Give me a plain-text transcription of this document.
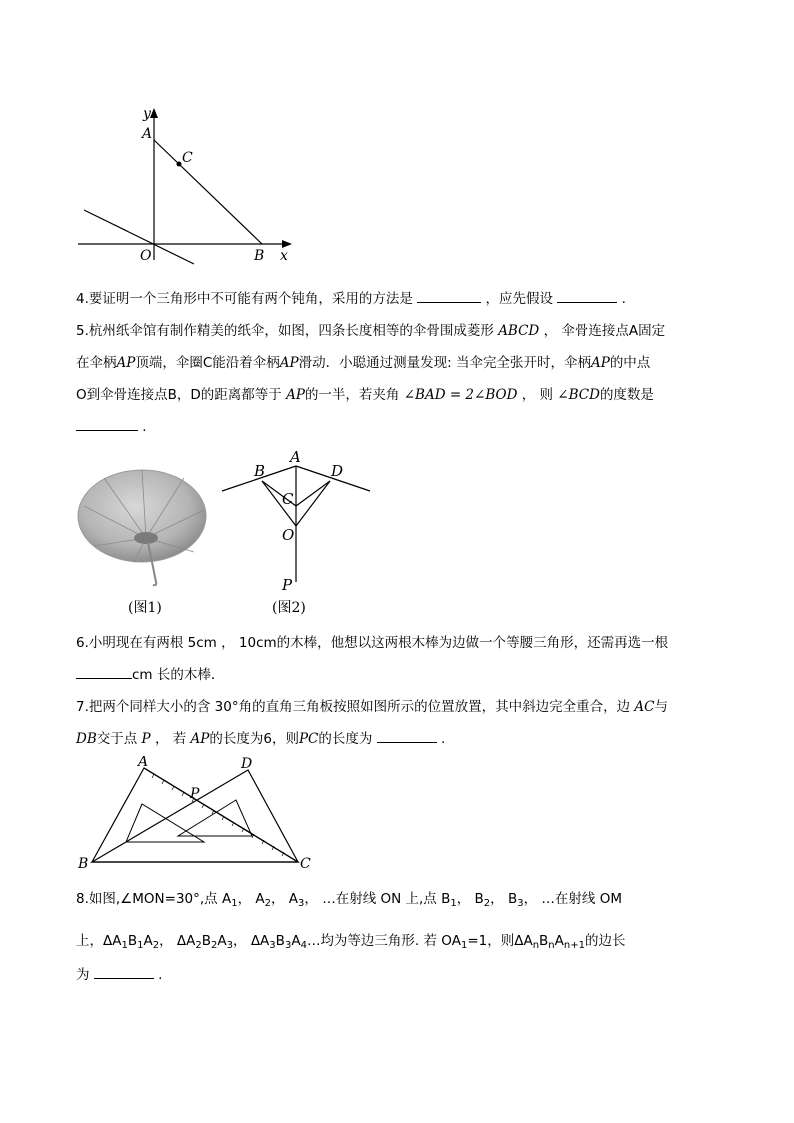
y
A
C
O	B x
4.要证明一个三角形中不可能有两个钝角，采用的方法是	，应先假设	.
5.杭州纸伞馆有制作精美的纸伞，如图，四条长度相等的伞骨围成菱形 ABCD ， 伞骨连接点A固定
在伞柄AP顶端，伞圈C能沿着伞柄AP滑动．小聪通过测量发现: 当伞完全张开时，伞柄AP的中点
O到伞骨连接点B，D的距离都等于 AP的一半，若夹角 ∠BAD = 2∠BOD ， 则 ∠BCD的度数是
.
(图1)
A
B	D
C
O
P
(图2)
6.小明现在有两根 5cm ， 10cm的木棒，他想以这两根木棒为边做一个等腰三角形，还需再选一根
cm 长的木棒．
7.把两个同样大小的含 30°角的直角三角板按照如图所示的位置放置，其中斜边完全重合，边 AC与
DB交于点 P ， 若 AP的长度为6，则PC的长度为	.
A	D
P
B	C
8.如图,∠MON=30°,点 $A_1$， $A_2$， $A_3$， …在射线 ON 上,点 $B_1$， $B_2$， $B_3$， …在射线 OM
上，$\Delta A_1B_1A_2$， $\Delta A_2B_2A_3$， $\Delta A_3B_3A_4\dots$均为等边三角形. 若 $OA_1=1$，则$\Delta A_nB_nA_{n+1}$的边长
为	.
